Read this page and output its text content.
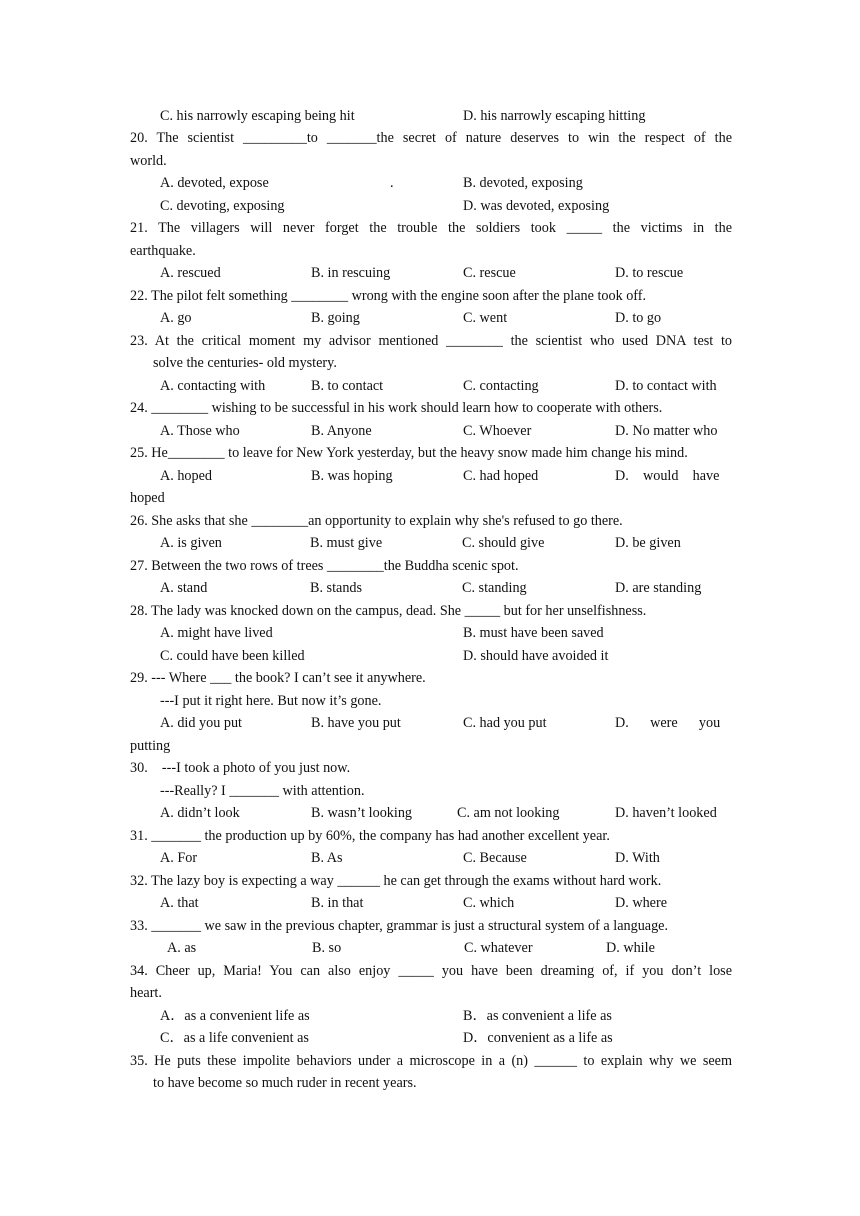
C. his narrowly escaping being hit	D. his narrowly escaping hitting
20. The scientist _________to _______the secret of nature deserves to win the respect of the
world.
A. devoted, expose	.	B. devoted, exposing
C. devoting, exposing	D. was devoted, exposing
21. The villagers will never forget the trouble the soldiers took _____ the victims in the
earthquake.
A. rescued	B. in rescuing	C. rescue	D. to rescue
22. The pilot felt something ________ wrong with the engine soon after the plane took off.
A. go	B. going	C. went	D. to go
23. At the critical moment my advisor mentioned ________ the scientist who used DNA test to
solve the centuries- old mystery.
A. contacting with	B. to contact	C. contacting	D. to contact with
24. ________ wishing to be successful in his work should learn how to cooperate with others.
A. Those who	B. Anyone	C. Whoever	D. No matter who
25. He________ to leave for New York yesterday, but the heavy snow made him change his mind.
A. hoped	B. was hoping	C. had hoped	D.    would    have
hoped
26. She asks that she ________an opportunity to explain why she's refused to go there.
A. is given	B. must give	C. should give	D. be given
27. Between the two rows of trees ________the Buddha scenic spot.
A. stand	B. stands	C. standing	D. are standing
28. The lady was knocked down on the campus, dead. She _____ but for her unselfishness.
A. might have lived	B. must have been saved
C. could have been killed	D. should have avoided it
29. --- Where ___ the book? I can’t see it anywhere.
---I put it right here. But now it’s gone.
A. did you put	B. have you put	C. had you put	D.      were      you
putting
30.    ---I took a photo of you just now.
---Really? I _______ with attention.
A. didn’t look	B. wasn’t looking	C. am not looking	D. haven’t looked
31. _______ the production up by 60%, the company has had another excellent year.
A. For	B. As	C. Because	D. With
32. The lazy boy is expecting a way ______ he can get through the exams without hard work.
A. that	B. in that	C. which	D. where
33. _______ we saw in the previous chapter, grammar is just a structural system of a language.
A. as	B. so	C. whatever	D. while
34. Cheer up, Maria! You can also enjoy _____ you have been dreaming of, if you don’t lose
heart.
A．as a convenient life as	B．as convenient a life as
C．as a life convenient as	D．convenient as a life as
35. He puts these impolite behaviors under a microscope in a (n) ______ to explain why we seem
to have become so much ruder in recent years.
